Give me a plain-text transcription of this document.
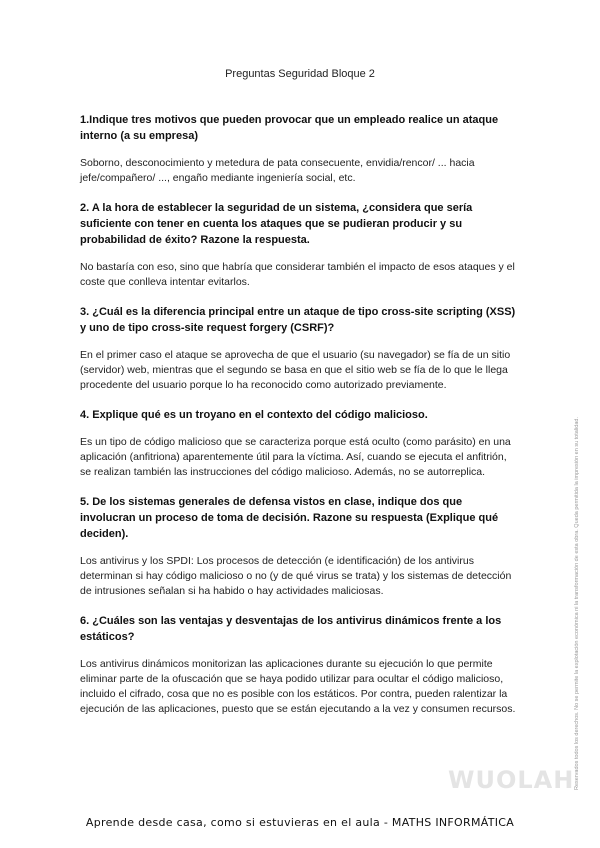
Preguntas Seguridad Bloque 2

1.Indique tres motivos que pueden provocar que un empleado realice un ataque interno (a su empresa)

Soborno, desconocimiento y metedura de pata consecuente, envidia/rencor/ ... hacia jefe/compañero/ ..., engaño mediante ingeniería social, etc.

2. A la hora de establecer la seguridad de un sistema, ¿considera que sería suficiente con tener en cuenta los ataques que se pudieran producir y su probabilidad de éxito? Razone la respuesta.

No bastaría con eso, sino que habría que considerar también el impacto de esos ataques y el coste que conlleva intentar evitarlos.

3. ¿Cuál es la diferencia principal entre un ataque de tipo cross-site scripting (XSS) y uno de tipo cross-site request forgery (CSRF)?

En el primer caso el ataque se aprovecha de que el usuario (su navegador) se fía de un sitio (servidor) web, mientras que el segundo se basa en que el sitio web se fía de lo que le llega procedente del usuario porque lo ha reconocido como autorizado previamente.

4. Explique qué es un troyano en el contexto del código malicioso.

Es un tipo de código malicioso que se caracteriza porque está oculto (como parásito) en una aplicación (anfitriona) aparentemente útil para la víctima. Así, cuando se ejecuta el anfitrión, se realizan también las instrucciones del código malicioso. Además, no se autorreplica.

5. De los sistemas generales de defensa vistos en clase, indique dos que involucran un proceso de toma de decisión. Razone su respuesta (Explique qué deciden).

Los antivirus y los SPDI: Los procesos de detección (e identificación) de los antivirus determinan si hay código malicioso o no (y de qué virus se trata) y los sistemas de detección de intrusiones señalan si ha habido o hay actividades maliciosas.

6. ¿Cuáles son las ventajas y desventajas de los antivirus dinámicos frente a los estáticos?

Los antivirus dinámicos monitorizan las aplicaciones durante su ejecución lo que permite eliminar parte de la ofuscación que se haya podido utilizar para ocultar el código malicioso, incluido el cifrado, cosa que no es posible con los estáticos. Por contra, pueden ralentizar la ejecución de las aplicaciones, puesto que se están ejecutando a la vez y consumen recursos.	Reservados todos los derechos. No se permite la explotación económica ni la transformación de esta obra. Queda permitida la impresión en su totalidad.
WUOLAH
Aprende desde casa, como si estuvieras en el aula - MATHS INFORMÁTICA
